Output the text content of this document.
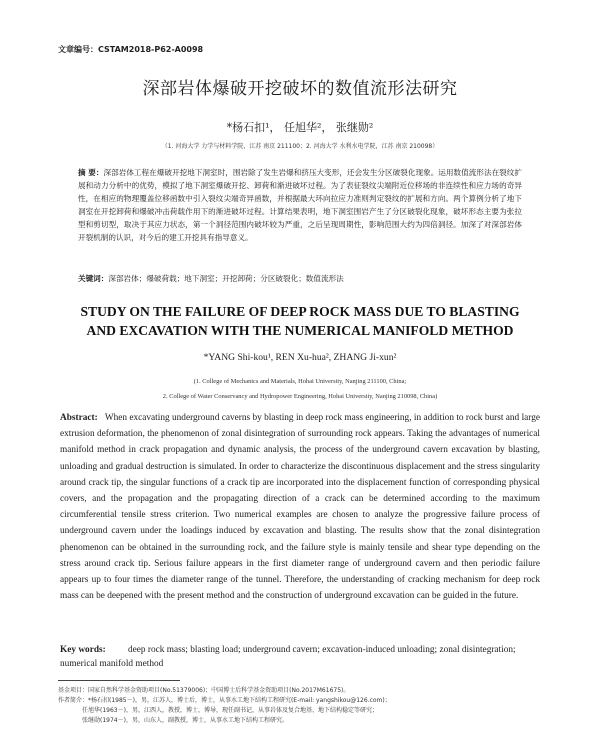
文章编号：CSTAM2018-P62-A0098
深部岩体爆破开挖破坏的数值流形法研究
*杨石扣¹， 任旭华²， 张继勋²
（1. 河海大学 力学与材料学院，江苏 南京 211100；2. 河海大学 水利水电学院，江苏 南京 210098）
摘 要：深部岩体工程在爆破开挖地下洞室时，围岩除了发生岩爆和挤压大变形，还会发生分区破裂化现象。运用数值流形法在裂纹扩展和动力分析中的优势，模拟了地下洞室爆破开挖、卸荷和渐进破坏过程。为了表征裂纹尖端附近位移场的非连续性和应力场的奇异性，在相应的物理覆盖位移函数中引入裂纹尖端奇异函数，并根据最大环向拉应力准则判定裂纹的扩展和方向。两个算例分析了地下洞室在开挖卸荷和爆破冲击荷载作用下的渐进破坏过程。计算结果表明，地下洞室围岩产生了分区破裂化现象，破坏形态主要为张拉型和剪切型，取决于其应力状态，第一个洞径范围内破坏较为严重，之后呈现周期性，影响范围大约为四倍洞径。加深了对深部岩体开裂机制的认识，对今后的建工开挖具有指导意义。
关键词：深部岩体；爆破荷载；地下洞室；开挖卸荷；分区破裂化；数值流形法
STUDY ON THE FAILURE OF DEEP ROCK MASS DUE TO BLASTING
AND EXCAVATION WITH THE NUMERICAL MANIFOLD METHOD
*YANG Shi-kou¹, REN Xu-hua², ZHANG Ji-xun²
(1. College of Mechanics and Materials, Hohai University, Nanjing 211100, China;
2. College of Water Conservancy and Hydropower Engineering, Hohai University, Nanjing 210098, China)
Abstract: When excavating underground caverns by blasting in deep rock mass engineering, in addition to rock burst and large extrusion deformation, the phenomenon of zonal disintegration of surrounding rock appears. Taking the advantages of numerical manifold method in crack propagation and dynamic analysis, the process of the underground cavern excavation by blasting, unloading and gradual destruction is simulated. In order to characterize the discontinuous displacement and the stress singularity around crack tip, the singular functions of a crack tip are incorporated into the displacement function of corresponding physical covers, and the propagation and the propagating direction of a crack can be determined according to the maximum circumferential tensile stress criterion. Two numerical examples are chosen to analyze the progressive failure process of underground cavern under the loadings induced by excavation and blasting. The results show that the zonal disintegration phenomenon can be obtained in the surrounding rock, and the failure style is mainly tensile and shear type depending on the stress around crack tip. Serious failure appears in the first diameter range of underground cavern and then periodic failure appears up to four times the diameter range of the tunnel. Therefore, the understanding of cracking mechanism for deep rock mass can be deepened with the present method and the construction of underground excavation can be guided in the future.
Key words: deep rock mass; blasting load; underground cavern; excavation-induced unloading; zonal disintegration; numerical manifold method
基金项目：国家自然科学基金资助项目(No.51379006)；中国博士后科学基金资助项目(No.2017M61675)。
作者简介：*杨石扣(1985－)，男，江苏人，博士后，博士，从事水工地下结构工程研究(E-mail: yangshikou@126.com)；
任旭华(1963－)，男，江西人，教授，博士，博导，现任副书记，从事岩体及复合地基、地下结构稳定等研究；
张继勋(1974－)，男，山东人，副教授，博士，从事水工地下结构工程研究。
